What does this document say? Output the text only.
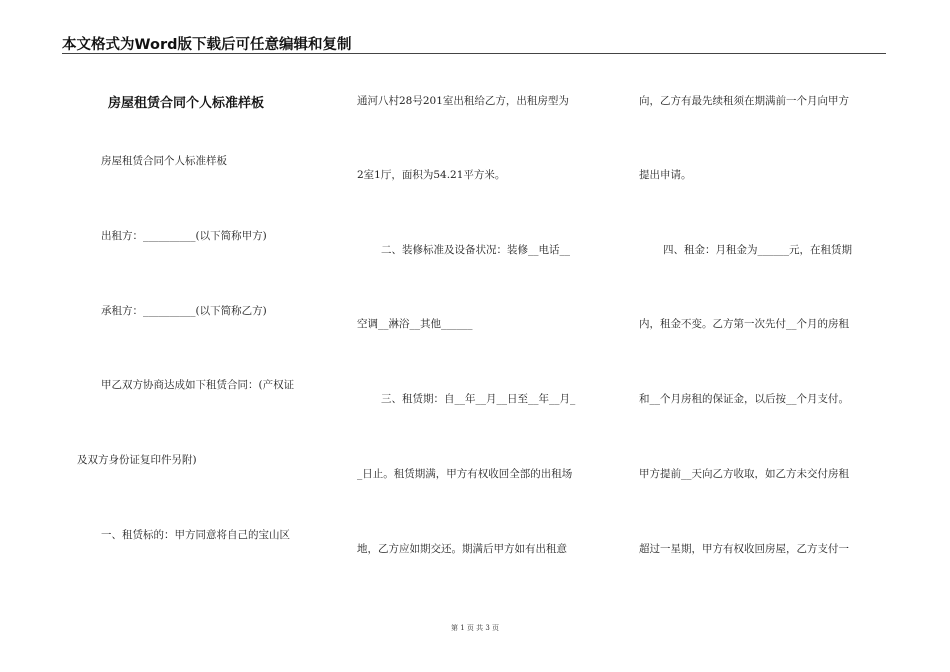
本文格式为Word版下载后可任意编辑和复制
房屋租赁合同个人标准样板
房屋租赁合同个人标准样板
出租方：__________(以下简称甲方)
承租方：__________(以下简称乙方)
甲乙双方协商达成如下租赁合同：(产权证
及双方身份证复印件另附)
一、租赁标的：甲方同意将自己的宝山区
通河八村28号201室出租给乙方，出租房型为
2室1厅，面积为54.21平方米。
二、装修标准及设备状况：装修__电话__
空调__淋浴__其他______
三、租赁期：自__年__月__日至__年__月_
_日止。租赁期满，甲方有权收回全部的出租场
地，乙方应如期交还。期满后甲方如有出租意
向，乙方有最先续租须在期满前一个月向甲方
提出申请。
四、租金：月租金为______元，在租赁期
内，租金不变。乙方第一次先付__个月的房租
和__个月房租的保证金，以后按__个月支付。
甲方提前__天向乙方收取，如乙方未交付房租
超过一星期，甲方有权收回房屋，乙方支付一
第 1 页 共 3 页
